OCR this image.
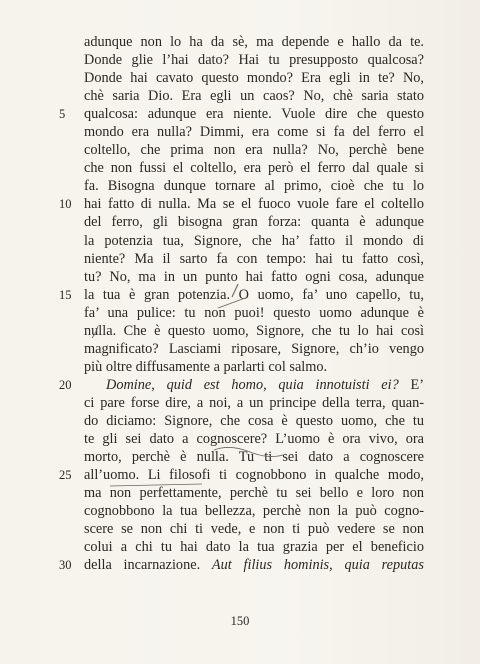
adunque non lo ha da sè, ma depende e hallo da te.
Donde glie l’hai dato? Hai tu presupposto qualcosa?
Donde hai cavato questo mondo? Era egli in te? No,
chè saria Dio. Era egli un caos? No, chè saria stato
5	qualcosa: adunque era niente. Vuole dire che questo
mondo era nulla? Dimmi, era come si fa del ferro el
coltello, che prima non era nulla? No, perchè bene
che non fussi el coltello, era però el ferro dal quale si
fa. Bisogna dunque tornare al primo, cioè che tu lo
10 hai fatto di nulla. Ma se el fuoco vuole fare el coltello
del ferro, gli bisogna gran forza: quanta è adunque
la potenzia tua, Signore, che ha’ fatto il mondo di
niente? Ma il sarto fa con tempo: hai tu fatto così,
tu? No, ma in un punto hai fatto ogni cosa, adunque
15 la tua è gran potenzia. O uomo, fa’ uno capello, tu,
fa’ una pulice: tu non puoi! questo uomo adunque è
nulla. Che è questo uomo, Signore, che tu lo hai così
magnificato? Lasciami riposare, Signore, ch’io vengo
più oltre diffusamente a parlarti col salmo.
20	Domine, quid est homo, quia innotuisti ei? E’
ci pare forse dire, a noi, a un principe della terra, quan-
do diciamo: Signore, che cosa è questo uomo, che tu
te gli sei dato a cognoscere? L’uomo è ora vivo, ora
morto, perchè è nulla. Tu ti sei dato a cognoscere
25 all’uomo. Li filosofi ti cognobbono in qualche modo,
ma non perfettamente, perchè tu sei bello e loro non
cognobbono la tua bellezza, perchè non la può cogno-
scere se non chi ti vede, e non ti può vedere se non
colui a chi tu hai dato la tua grazia per el beneficio
30 della incarnazione. Aut filius hominis, quia reputas
150
